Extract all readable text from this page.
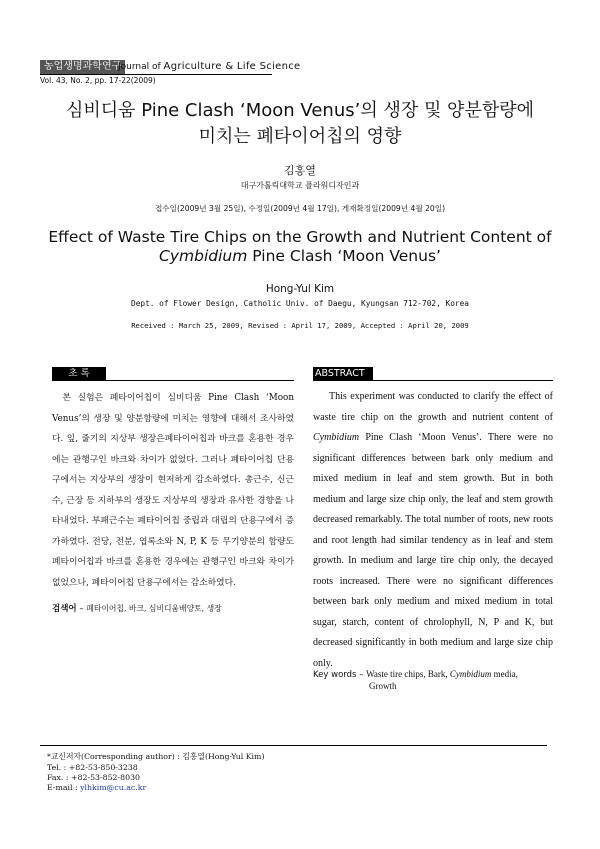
농업생명과학연구
Journal of Agriculture & Life Science
Vol. 43, No. 2, pp. 17-22(2009)
심비디움 Pine Clash ‘Moon Venus’의 생장 및 양분함량에
미치는 폐타이어칩의 영향
김홍열
대구가톨릭대학교 플라워디자인과
접수일(2009년 3월 25일), 수정일(2009년 4월 17일), 게재확정일(2009년 4월 20일)
Effect of Waste Tire Chips on the Growth and Nutrient Content of
Cymbidium Pine Clash ‘Moon Venus’
Hong-Yul Kim
Dept. of Flower Design, Catholic Univ. of Daegu, Kyungsan 712-702, Korea
Received : March 25, 2009, Revised : April 17, 2009, Accepted : April 20, 2009
초 록	ABSTRACT
본 실험은 폐타이어칩이 심비디움 Pine Clash ‘Moon Venus’의 생장 및 양분함량에 미치는 영향에 대해서 조사하였다. 잎, 줄기의 지상부 생장은폐타이어칩과 바크를 혼용한 경우에는 관행구인 바크와 차이가 없었다. 그러나 폐타이어칩 단용구에서는 지상부의 생장이 현저하게 감소하였다. 총근수, 신근수, 근장 등 지하부의 생장도 지상부의 생장과 유사한 경향을 나타내었다. 부패근수는 폐타이어칩 중립과 대립의 단용구에서 증가하였다. 전당, 전분, 엽록소와 N, P, K 등 무기양분의 함량도 폐타이어칩과 바크를 혼용한 경우에는 관행구인 바크와 차이가 없었으나, 폐타이어칩 단용구에서는 감소하였다.
검색어 – 폐타이어칩, 바크, 심비디움배양토, 생장
This experiment was conducted to clarify the effect of waste tire chip on the growth and nutrient content of Cymbidium Pine Clash ‘Moon Venus’. There were no significant differences between bark only medium and mixed medium in leaf and stem growth. But in both medium and large size chip only, the leaf and stem growth decreased remarkably. The total number of roots, new roots and root length had similar tendency as in leaf and stem growth. In medium and large tire chip only, the decayed roots increased. There were no significant differences between bark only medium and mixed medium in total sugar, starch, content of chrolophyll, N, P and K, but decreased significantly in both medium and large size chip only.
Key words – Waste tire chips, Bark, Cymbidium media,
Growth
*교신저자(Corresponding author) : 김홍열(Hong-Yul Kim)
Tel. : +82-53-850-3238
Fax. : +82-53-852-8030
E-mail : ylhkim@cu.ac.kr
